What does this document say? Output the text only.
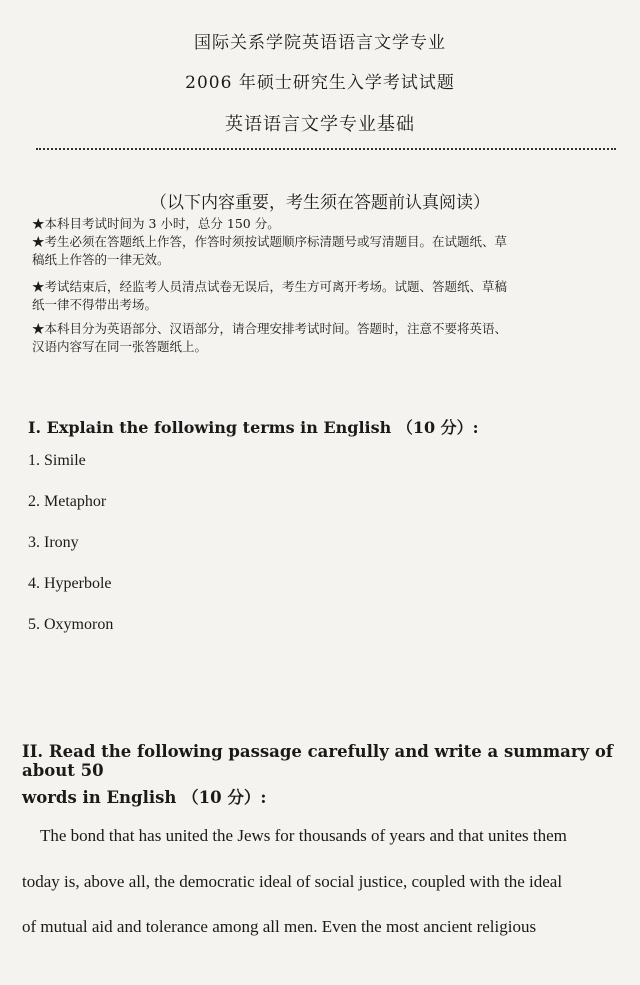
国际关系学院英语语言文学专业
2006 年硕士研究生入学考试试题
英语语言文学专业基础
（以下内容重要，考生须在答题前认真阅读）
★本科目考试时间为 3 小时，总分 150 分。
★考生必须在答题纸上作答，作答时须按试题顺序标清题号或写清题目。在试题纸、草
稿纸上作答的一律无效。
★考试结束后，经监考人员清点试卷无误后，考生方可离开考场。试题、答题纸、草稿
纸一律不得带出考场。
★本科目分为英语部分、汉语部分，请合理安排考试时间。答题时，注意不要将英语、
汉语内容写在同一张答题纸上。
I. Explain the following terms in English （10 分）:
1. Simile
2. Metaphor
3. Irony
4. Hyperbole
5. Oxymoron
II. Read the following passage carefully and write a summary of about 50
words in English （10 分）:
The bond that has united the Jews for thousands of years and that unites them
today is, above all, the democratic ideal of social justice, coupled with the ideal
of mutual aid and tolerance among all men. Even the most ancient religious
